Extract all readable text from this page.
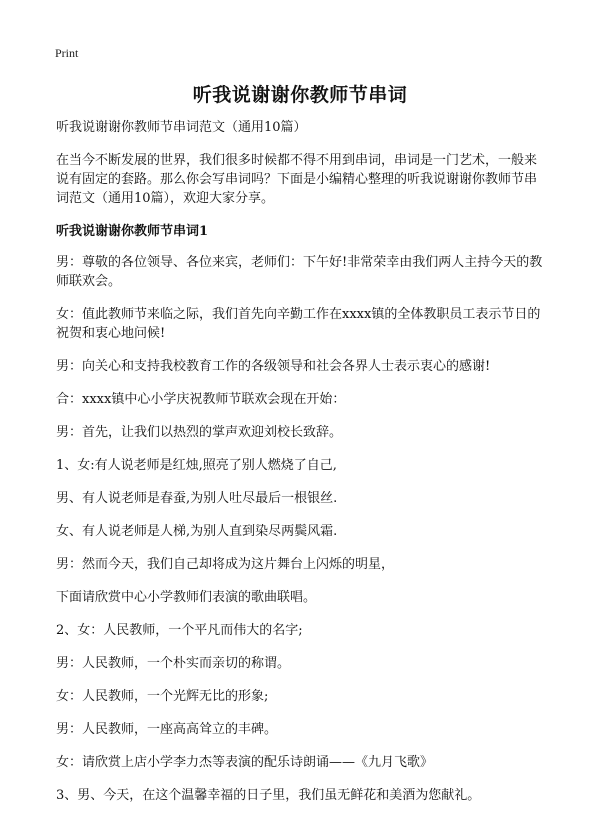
Print
听我说谢谢你教师节串词

听我说谢谢你教师节串词范文（通用10篇）

在当今不断发展的世界，我们很多时候都不得不用到串词，串词是一门艺术，一般来说有固定的套路。那么你会写串词吗？下面是小编精心整理的听我说谢谢你教师节串词范文（通用10篇），欢迎大家分享。

听我说谢谢你教师节串词1

男：尊敬的各位领导、各位来宾，老师们：下午好!非常荣幸由我们两人主持今天的教师联欢会。

女：值此教师节来临之际，我们首先向辛勤工作在xxxx镇的全体教职员工表示节日的祝贺和衷心地问候!

男：向关心和支持我校教育工作的各级领导和社会各界人士表示衷心的感谢!

合：xxxx镇中心小学庆祝教师节联欢会现在开始：

男：首先，让我们以热烈的掌声欢迎刘校长致辞。

1、女:有人说老师是红烛,照亮了别人燃烧了自己,

男、有人说老师是春蚕,为别人吐尽最后一根银丝.

女、有人说老师是人梯,为别人直到染尽两鬓风霜.

男：然而今天，我们自己却将成为这片舞台上闪烁的明星，

下面请欣赏中心小学教师们表演的歌曲联唱。

2、女：人民教师，一个平凡而伟大的名字;

男：人民教师，一个朴实而亲切的称谓。

女：人民教师，一个光辉无比的形象;

男：人民教师，一座高高耸立的丰碑。

女：请欣赏上店小学李力杰等表演的配乐诗朗诵——《九月飞歌》

3、男、今天，在这个温馨幸福的日子里，我们虽无鲜花和美酒为您献礼。
